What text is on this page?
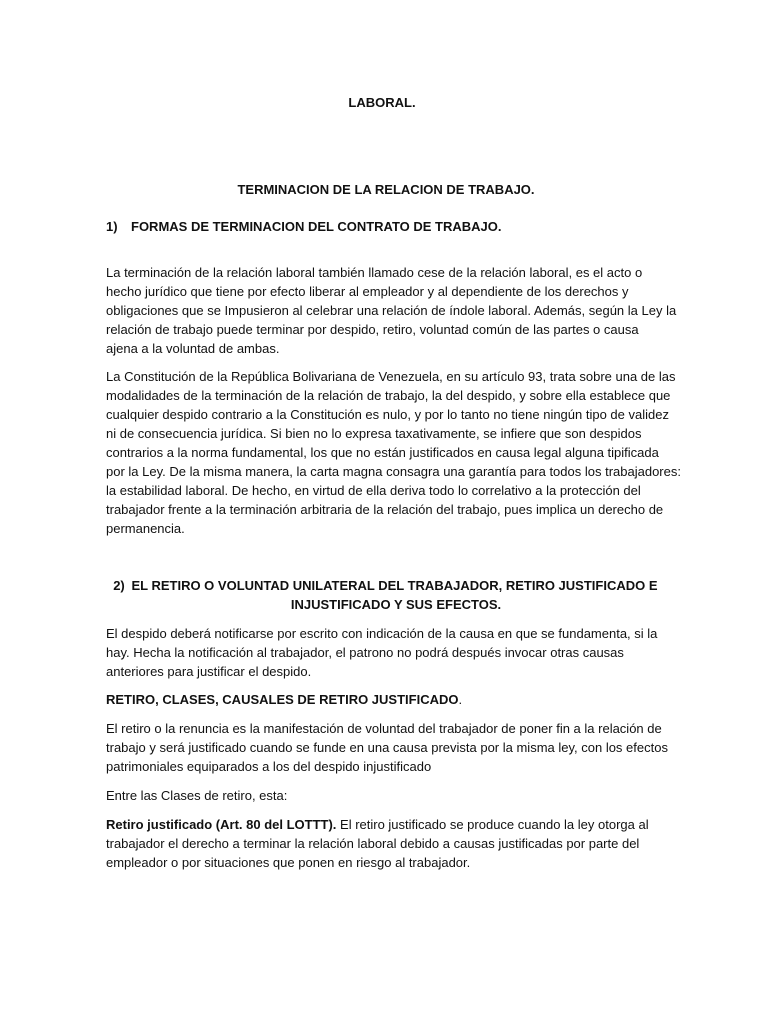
LABORAL.
TERMINACION DE LA RELACION DE TRABAJO.
1) FORMAS DE TERMINACION DEL CONTRATO DE TRABAJO.
La terminación de la relación laboral también llamado cese de la relación laboral, es el acto o
hecho jurídico que tiene por efecto liberar al empleador y al dependiente de los derechos y
obligaciones que se Impusieron al celebrar una relación de índole laboral. Además, según la Ley la
relación de trabajo puede terminar por despido, retiro, voluntad común de las partes o causa
ajena a la voluntad de ambas.
La Constitución de la República Bolivariana de Venezuela, en su artículo 93, trata sobre una de las
modalidades de la terminación de la relación de trabajo, la del despido, y sobre ella establece que
cualquier despido contrario a la Constitución es nulo, y por lo tanto no tiene ningún tipo de validez
ni de consecuencia jurídica. Si bien no lo expresa taxativamente, se infiere que son despidos
contrarios a la norma fundamental, los que no están justificados en causa legal alguna tipificada
por la Ley. De la misma manera, la carta magna consagra una garantía para todos los trabajadores:
la estabilidad laboral. De hecho, en virtud de ella deriva todo lo correlativo a la protección del
trabajador frente a la terminación arbitraria de la relación del trabajo, pues implica un derecho de
permanencia.
2) EL RETIRO O VOLUNTAD UNILATERAL DEL TRABAJADOR, RETIRO JUSTIFICADO E
INJUSTIFICADO Y SUS EFECTOS.
El despido deberá notificarse por escrito con indicación de la causa en que se fundamenta, si la
hay. Hecha la notificación al trabajador, el patrono no podrá después invocar otras causas
anteriores para justificar el despido.
RETIRO, CLASES, CAUSALES DE RETIRO JUSTIFICADO.
El retiro o la renuncia es la manifestación de voluntad del trabajador de poner fin a la relación de
trabajo y será justificado cuando se funde en una causa prevista por la misma ley, con los efectos
patrimoniales equiparados a los del despido injustificado
Entre las Clases de retiro, esta:
Retiro justificado (Art. 80 del LOTTT). El retiro justificado se produce cuando la ley otorga al
trabajador el derecho a terminar la relación laboral debido a causas justificadas por parte del
empleador o por situaciones que ponen en riesgo al trabajador.
